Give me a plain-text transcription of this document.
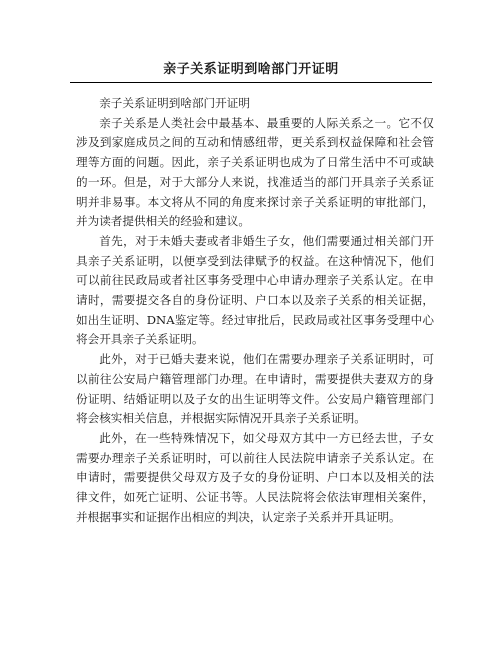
亲子关系证明到啥部门开证明

亲子关系证明到啥部门开证明

亲子关系是人类社会中最基本、最重要的人际关系之一。它不仅涉及到家庭成员之间的互动和情感纽带，更关系到权益保障和社会管理等方面的问题。因此，亲子关系证明也成为了日常生活中不可或缺的一环。但是，对于大部分人来说，找准适当的部门开具亲子关系证明并非易事。本文将从不同的角度来探讨亲子关系证明的审批部门，并为读者提供相关的经验和建议。

首先，对于未婚夫妻或者非婚生子女，他们需要通过相关部门开具亲子关系证明，以便享受到法律赋予的权益。在这种情况下，他们可以前往民政局或者社区事务受理中心申请办理亲子关系认定。在申请时，需要提交各自的身份证明、户口本以及亲子关系的相关证据，如出生证明、DNA鉴定等。经过审批后，民政局或社区事务受理中心将会开具亲子关系证明。

此外，对于已婚夫妻来说，他们在需要办理亲子关系证明时，可以前往公安局户籍管理部门办理。在申请时，需要提供夫妻双方的身份证明、结婚证明以及子女的出生证明等文件。公安局户籍管理部门将会核实相关信息，并根据实际情况开具亲子关系证明。

此外，在一些特殊情况下，如父母双方其中一方已经去世，子女需要办理亲子关系证明时，可以前往人民法院申请亲子关系认定。在申请时，需要提供父母双方及子女的身份证明、户口本以及相关的法律文件，如死亡证明、公证书等。人民法院将会依法审理相关案件，并根据事实和证据作出相应的判决，认定亲子关系并开具证明。
